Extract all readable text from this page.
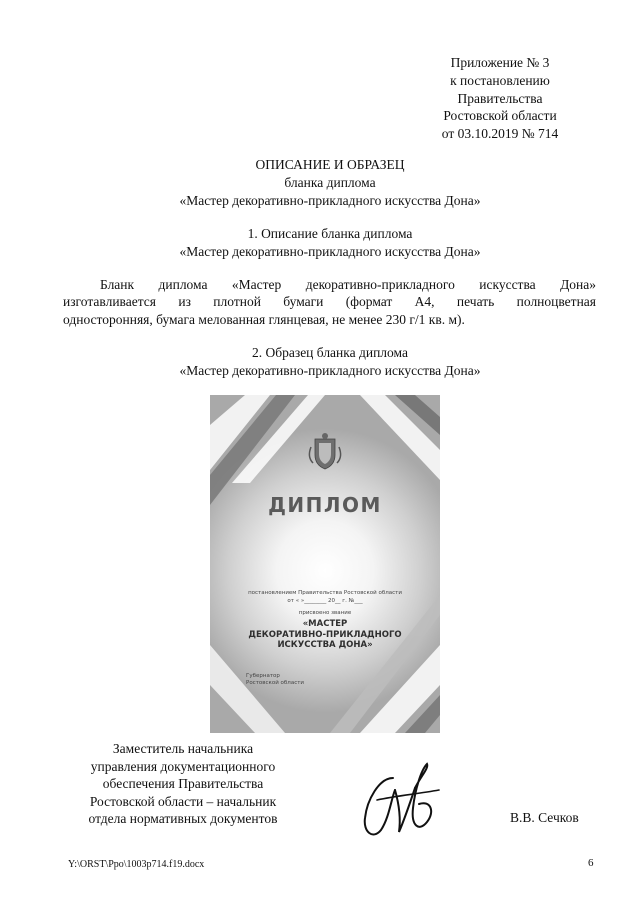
Приложение № 3
к постановлению
Правительства
Ростовской области
от 03.10.2019 № 714
ОПИСАНИЕ И ОБРАЗЕЦ
бланка диплома
«Мастер декоративно-прикладного искусства Дона»
1. Описание бланка диплома
«Мастер декоративно-прикладного искусства Дона»
Бланк диплома «Мастер декоративно-прикладного искусства Дона»
изготавливается из плотной бумаги (формат А4, печать полноцветная
односторонняя, бумага мелованная глянцевая, не менее 230 г/1 кв. м).
2. Образец бланка диплома
«Мастер декоративно-прикладного искусства Дона»
ДИПЛОМ
постановлением Правительства Ростовской области
от « »________ 20__ г. №___
присвоено звание
«МАСТЕР
ДЕКОРАТИВНО-ПРИКЛАДНОГО
ИСКУССТВА ДОНА»
Губернатор
Ростовской области
Заместитель начальника
управления документационного
обеспечения Правительства
Ростовской области – начальник
отдела нормативных документов	В.В. Сечков
Y:\ORST\Ppo\1003p714.f19.docx	6
